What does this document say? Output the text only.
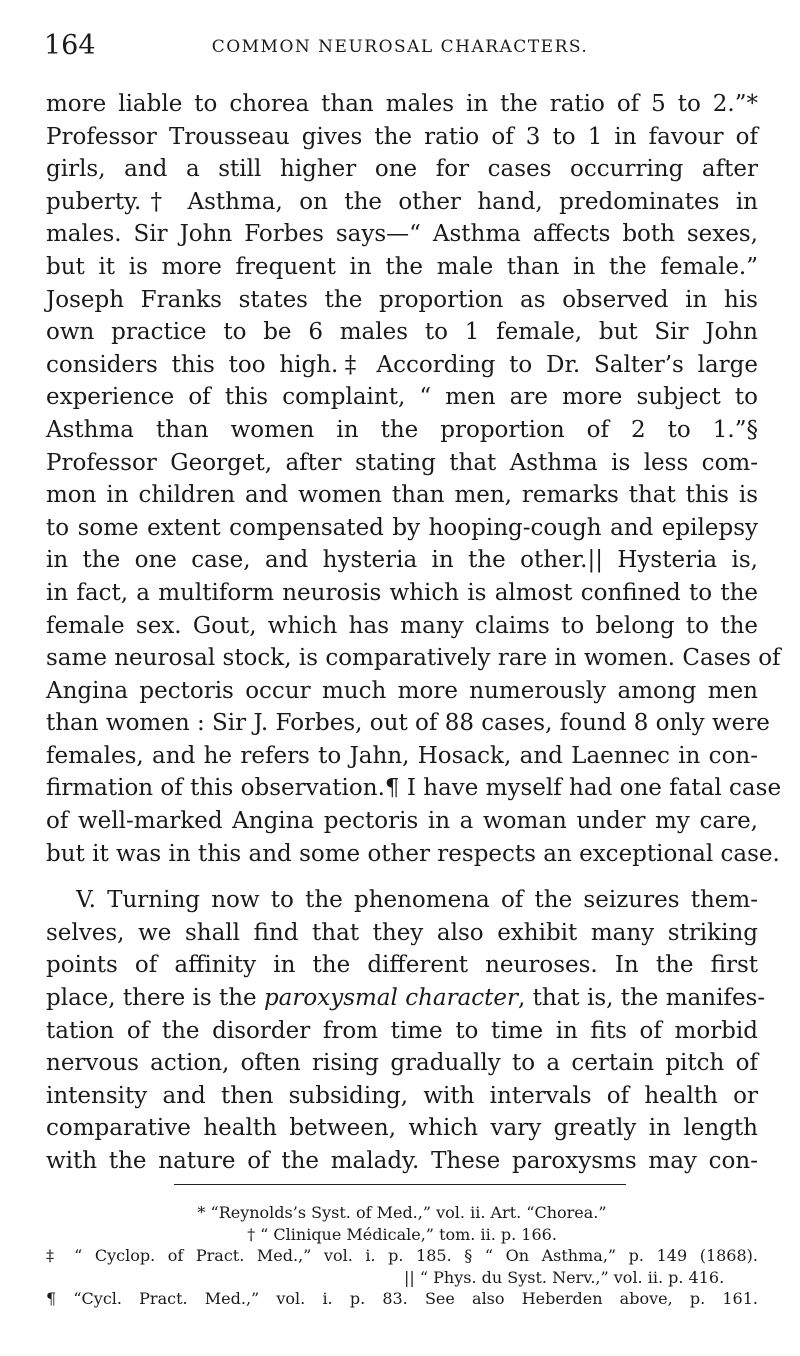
164	COMMON NEUROSAL CHARACTERS.
more liable to chorea than males in the ratio of 5 to 2.”*
Professor Trousseau gives the ratio of 3 to 1 in favour of
girls, and a still higher one for cases occurring after
puberty.† Asthma, on the other hand, predominates in
males. Sir John Forbes says—“ Asthma affects both sexes,
but it is more frequent in the male than in the female.”
Joseph Franks states the proportion as observed in his
own practice to be 6 males to 1 female, but Sir John
considers this too high.‡ According to Dr. Salter’s large
experience of this complaint, “ men are more subject to
Asthma than women in the proportion of 2 to 1.”§
Professor Georget, after stating that Asthma is less com-
mon in children and women than men, remarks that this is
to some extent compensated by hooping-cough and epilepsy
in the one case, and hysteria in the other.|| Hysteria is,
in fact, a multiform neurosis which is almost confined to the
female sex. Gout, which has many claims to belong to the
same neurosal stock, is comparatively rare in women. Cases of
Angina pectoris occur much more numerously among men
than women : Sir J. Forbes, out of 88 cases, found 8 only were
females, and he refers to Jahn, Hosack, and Laennec in con-
firmation of this observation.¶ I have myself had one fatal case
of well-marked Angina pectoris in a woman under my care,
but it was in this and some other respects an exceptional case.
V. Turning now to the phenomena of the seizures them-
selves, we shall find that they also exhibit many striking
points of affinity in the different neuroses. In the first
place, there is the paroxysmal character, that is, the manifes-
tation of the disorder from time to time in fits of morbid
nervous action, often rising gradually to a certain pitch of
intensity and then subsiding, with intervals of health or
comparative health between, which vary greatly in length
with the nature of the malady. These paroxysms may con-
* “Reynolds’s Syst. of Med.,” vol. ii. Art. “Chorea.”
† “ Clinique Médicale,” tom. ii. p. 166.
‡ “ Cyclop. of Pract. Med.,” vol. i. p. 185. § “ On Asthma,” p. 149 (1868).
|| “ Phys. du Syst. Nerv.,” vol. ii. p. 416.
¶ “Cycl. Pract. Med.,” vol. i. p. 83. See also Heberden above, p. 161.
